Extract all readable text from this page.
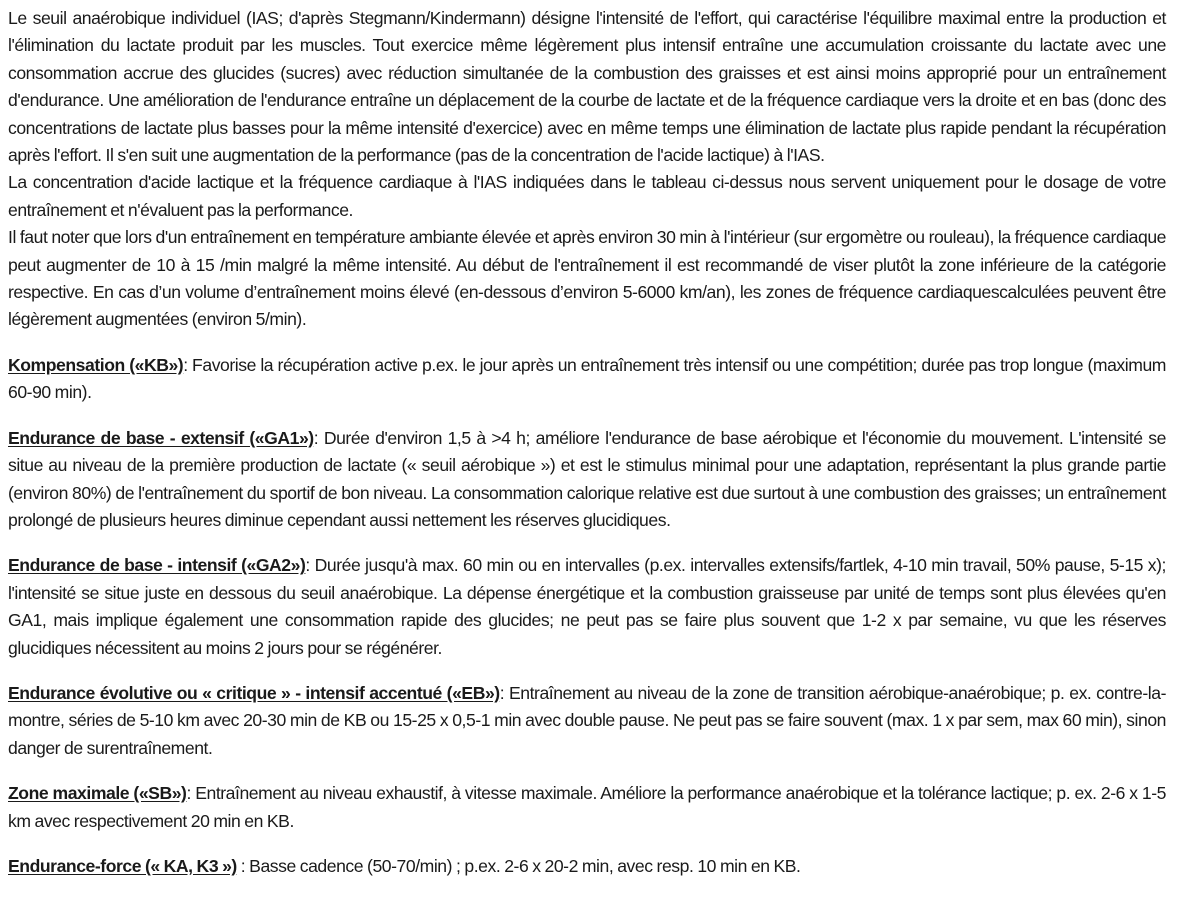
Le seuil anaérobique individuel (IAS; d'après Stegmann/Kindermann) désigne l'intensité de l'effort, qui caractérise l'équilibre maximal entre la production et l'élimination du lactate produit par les muscles. Tout exercice même légèrement plus intensif entraîne une accumulation croissante du lactate avec une consommation accrue des glucides (sucres) avec réduction simultanée de la combustion des graisses et est ainsi moins approprié pour un entraînement d'endurance. Une amélioration de l'endurance entraîne un déplacement de la courbe de lactate et de la fréquence cardiaque vers la droite et en bas (donc des concentrations de lactate plus basses pour la même intensité d'exercice) avec en même temps une élimination de lactate plus rapide pendant la récupération après l'effort. Il s'en suit une augmentation de la performance (pas de la concentration de l'acide lactique) à l'IAS.

La concentration d'acide lactique et la fréquence cardiaque à l'IAS indiquées dans le tableau ci-dessus nous servent uniquement pour le dosage de votre entraînement et n'évaluent pas la performance.

Il faut noter que lors d'un entraînement en température ambiante élevée et après environ 30 min à l'intérieur (sur ergomètre ou rouleau), la fréquence cardiaque peut augmenter de 10 à 15 /min malgré la même intensité. Au début de l'entraînement il est recommandé de viser plutôt la zone inférieure de la catégorie respective. En cas d’un volume d’entraînement moins élevé (en-dessous d’environ 5-6000 km/an), les zones de fréquence cardiaquescalculées peuvent être légèrement augmentées (environ 5/min).

Kompensation («KB»): Favorise la récupération active p.ex. le jour après un entraînement très intensif ou une compétition; durée pas trop longue (maximum 60-90 min).

Endurance de base - extensif («GA1»): Durée d'environ 1,5 à >4 h; améliore l'endurance de base aérobique et l'économie du mouvement. L'intensité se situe au niveau de la première production de lactate (« seuil aérobique ») et est le stimulus minimal pour une adaptation, représentant la plus grande partie (environ 80%) de l'entraînement du sportif de bon niveau. La consommation calorique relative est due surtout à une combustion des graisses; un entraînement prolongé de plusieurs heures diminue cependant aussi nettement les réserves glucidiques.

Endurance de base - intensif («GA2»): Durée jusqu'à max. 60 min ou en intervalles (p.ex. intervalles extensifs/fartlek, 4-10 min travail, 50% pause, 5-15 x); l'intensité se situe juste en dessous du seuil anaérobique. La dépense énergétique et la combustion graisseuse par unité de temps sont plus élevées qu'en GA1, mais implique également une consommation rapide des glucides; ne peut pas se faire plus souvent que 1-2 x par semaine, vu que les réserves glucidiques nécessitent au moins 2 jours pour se régénérer.

Endurance évolutive ou « critique » - intensif accentué («EB»): Entraînement au niveau de la zone de transition aérobique-anaérobique; p. ex. contre-la-montre, séries de 5-10 km avec 20-30 min de KB ou 15-25 x 0,5-1 min avec double pause. Ne peut pas se faire souvent (max. 1 x par sem, max 60 min), sinon danger de surentraînement.

Zone maximale («SB»): Entraînement au niveau exhaustif, à vitesse maximale. Améliore la performance anaérobique et la tolérance lactique; p. ex. 2-6 x 1-5 km avec respectivement 20 min en KB.

Endurance-force (« KA, K3 ») : Basse cadence (50-70/min) ; p.ex. 2-6 x 20-2 min, avec resp. 10 min en KB.
